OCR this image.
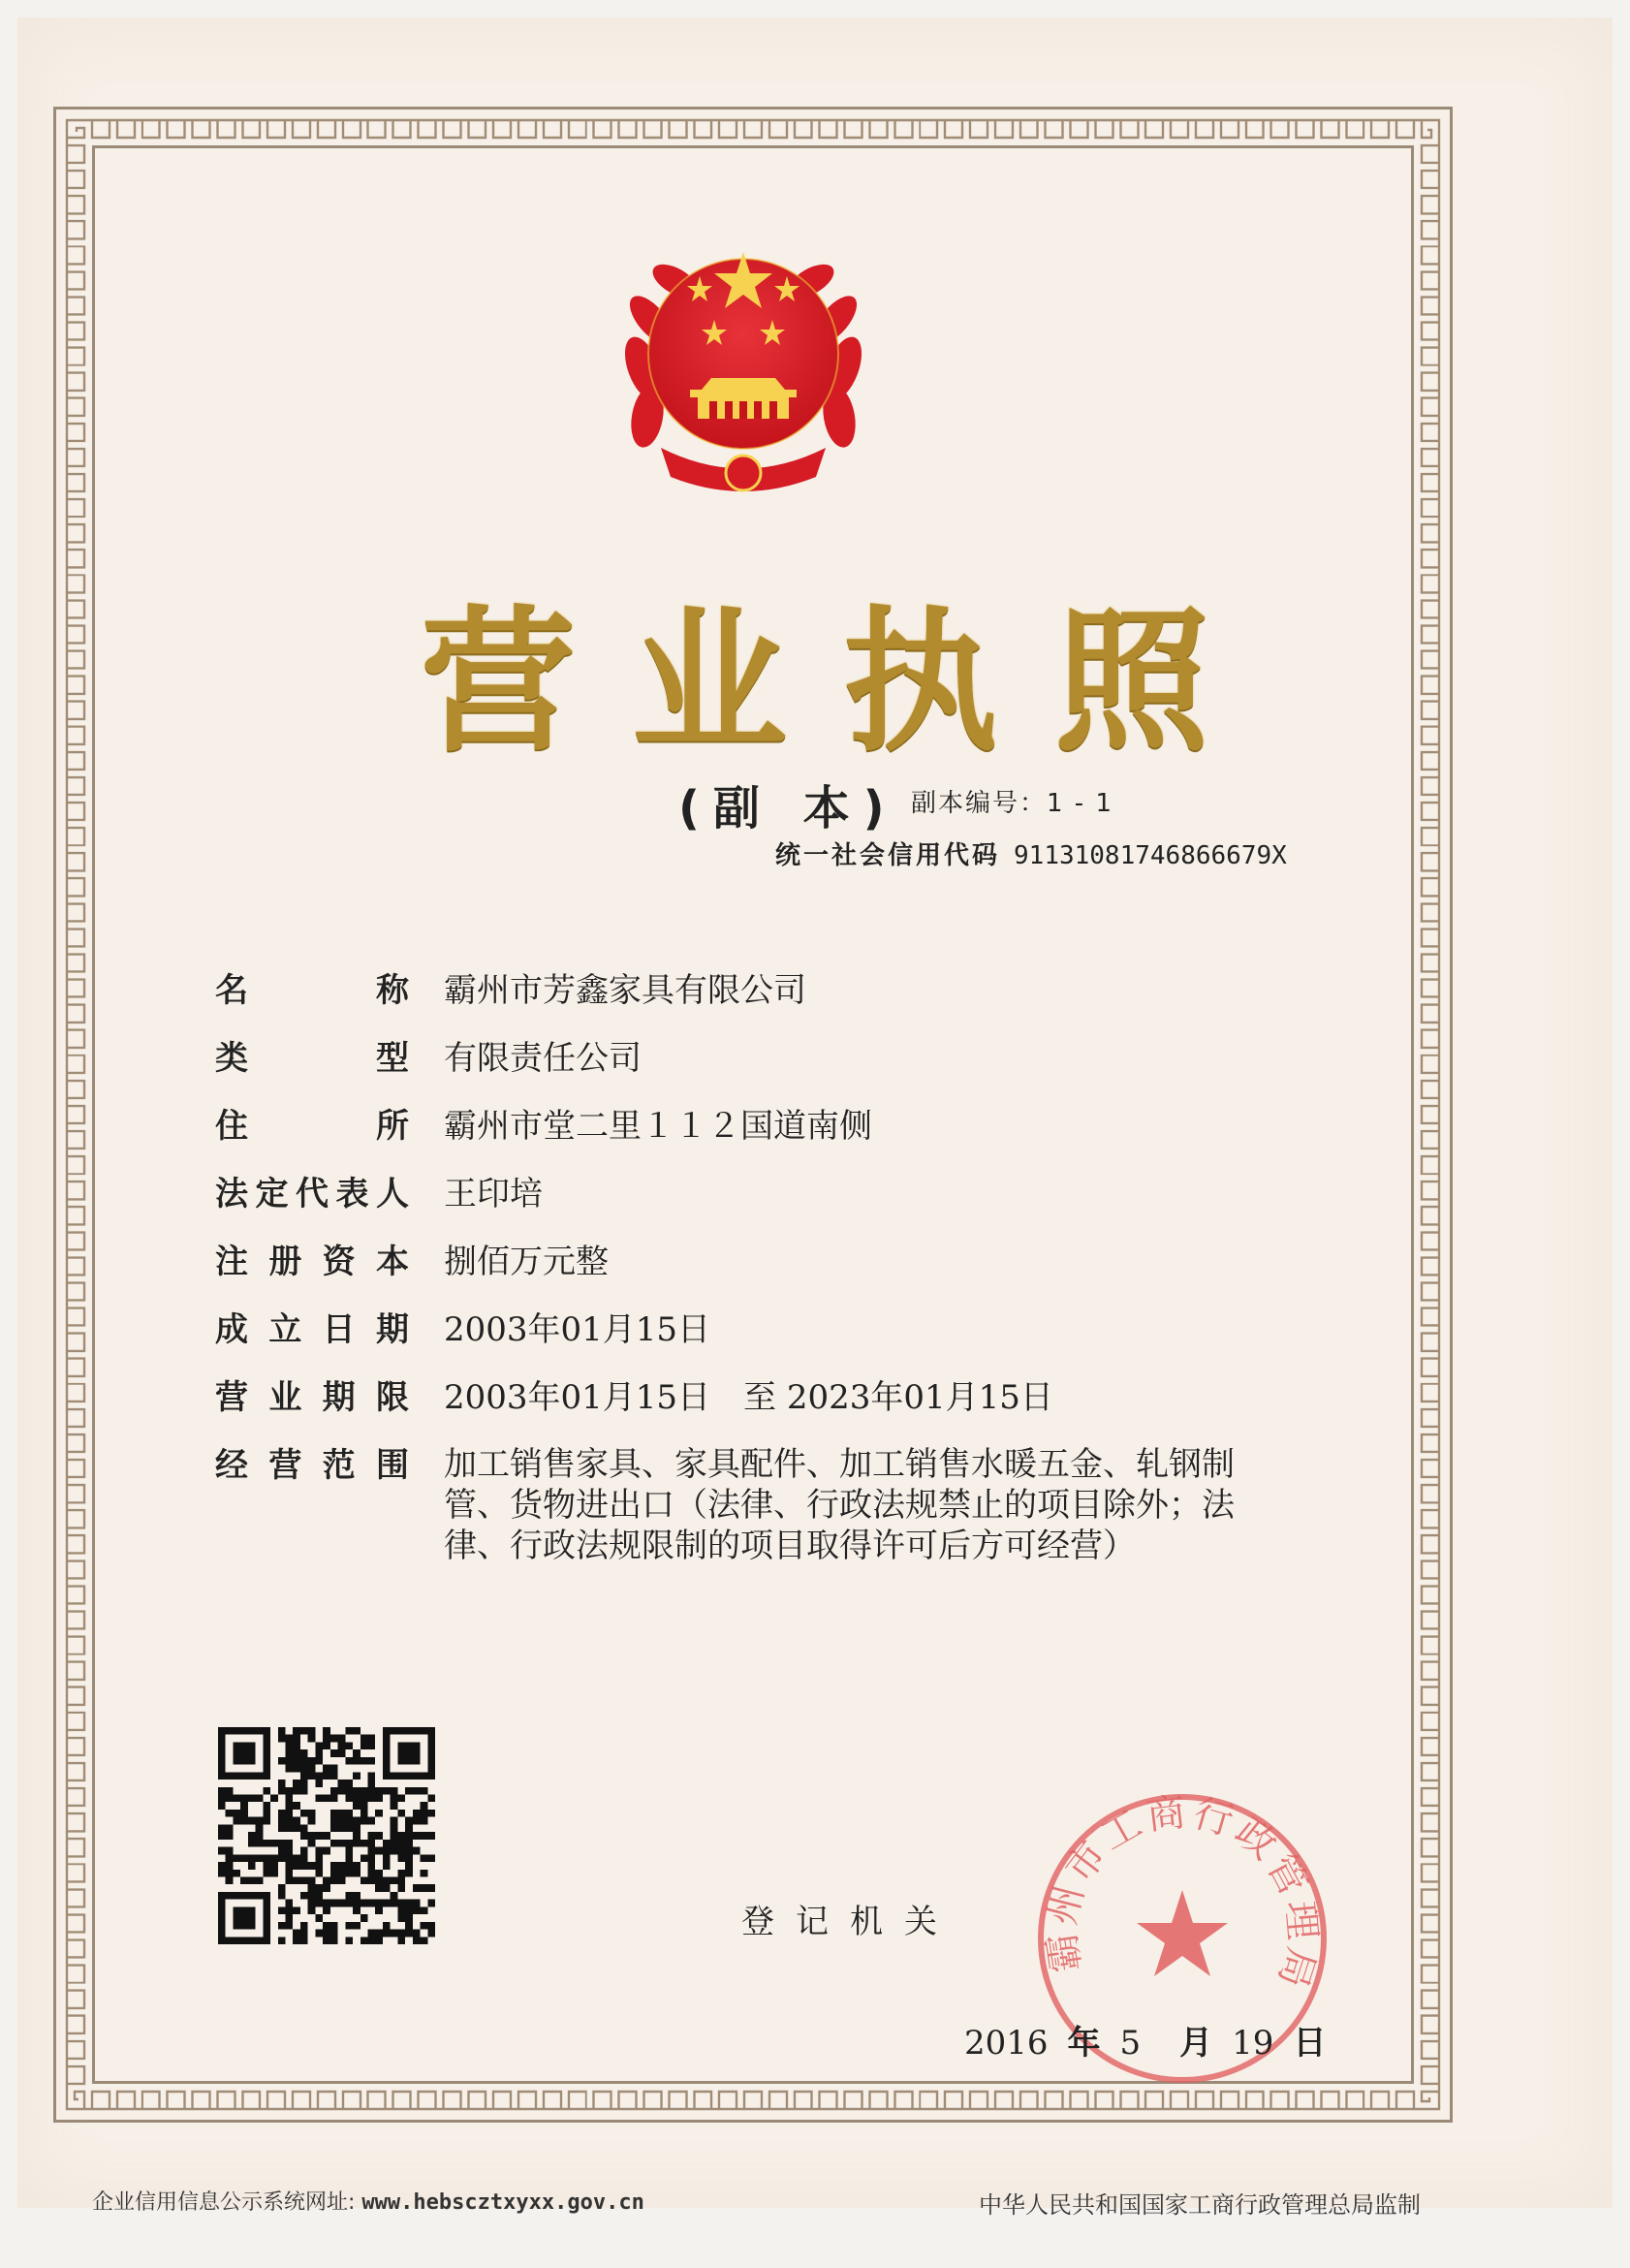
营业执照
(副 本) 副本编号：1 - 1
统一社会信用代码 91131081746866679X
名	称 霸州市芳鑫家具有限公司
类	型 有限责任公司
住	所 霸州市堂二里１１２国道南侧
法 定 代 表 人 王印培
注 册 资 本 捌佰万元整
成 立 日 期 2003年01月15日
营 业 期 限 2003年01月15日　至 2023年01月15日
经 营 范 围 加工销售家具、家具配件、加工销售水暖五金、轧钢制管、货物进出口（法律、行政法规禁止的项目除外；法律、行政法规限制的项目取得许可后方可经营）
登记机关
霸州市工商行政管理局
2016 年 5 月 19 日
企业信用信息公示系统网址: www.hebscztxyxx.gov.cn	中华人民共和国国家工商行政管理总局监制
